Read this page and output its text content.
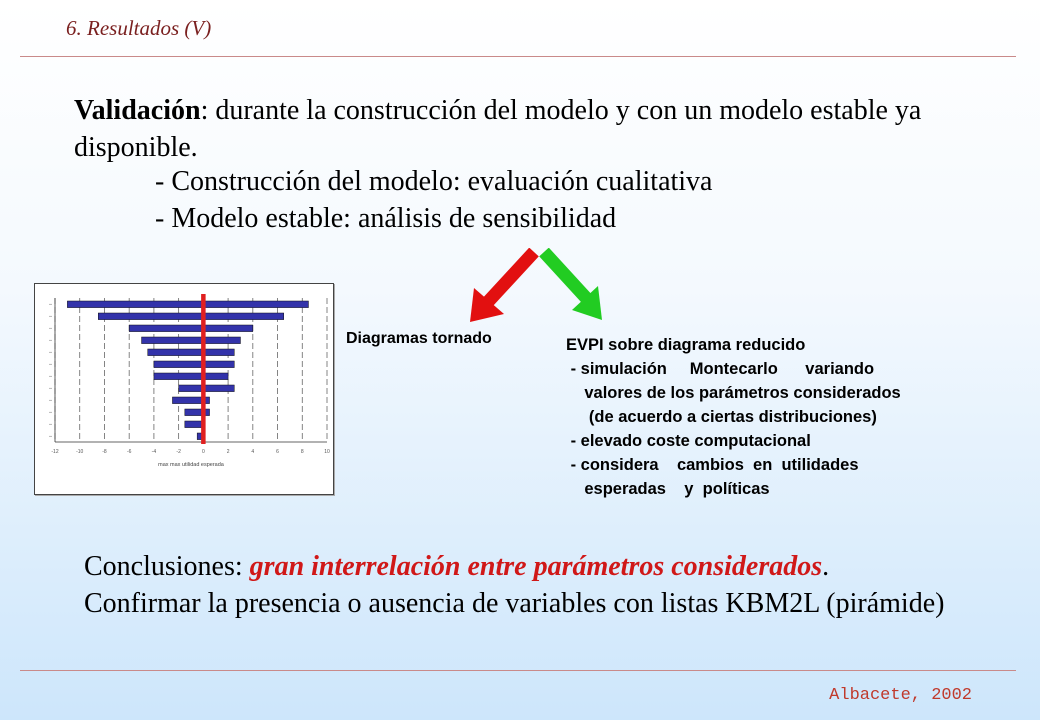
6. Resultados (V)
Validación: durante la construcción del modelo y con un modelo estable ya disponible.
- Construcción del modelo: evaluación cualitativa
- Modelo estable: análisis de sensibilidad
-12	-10	-8	-6	-4	-2	0	2	4	6	8	10
max max utilidad esperada
Diagramas tornado	EVPI sobre diagrama reducido
- simulación     Montecarlo      variando
valores de los parámetros considerados
(de acuerdo a ciertas distribuciones)
- elevado coste computacional
- considera    cambios  en  utilidades
esperadas    y  políticas
Conclusiones: gran interrelación entre parámetros considerados.
Confirmar la presencia o ausencia de variables con listas KBM2L (pirámide)
Albacete, 2002
